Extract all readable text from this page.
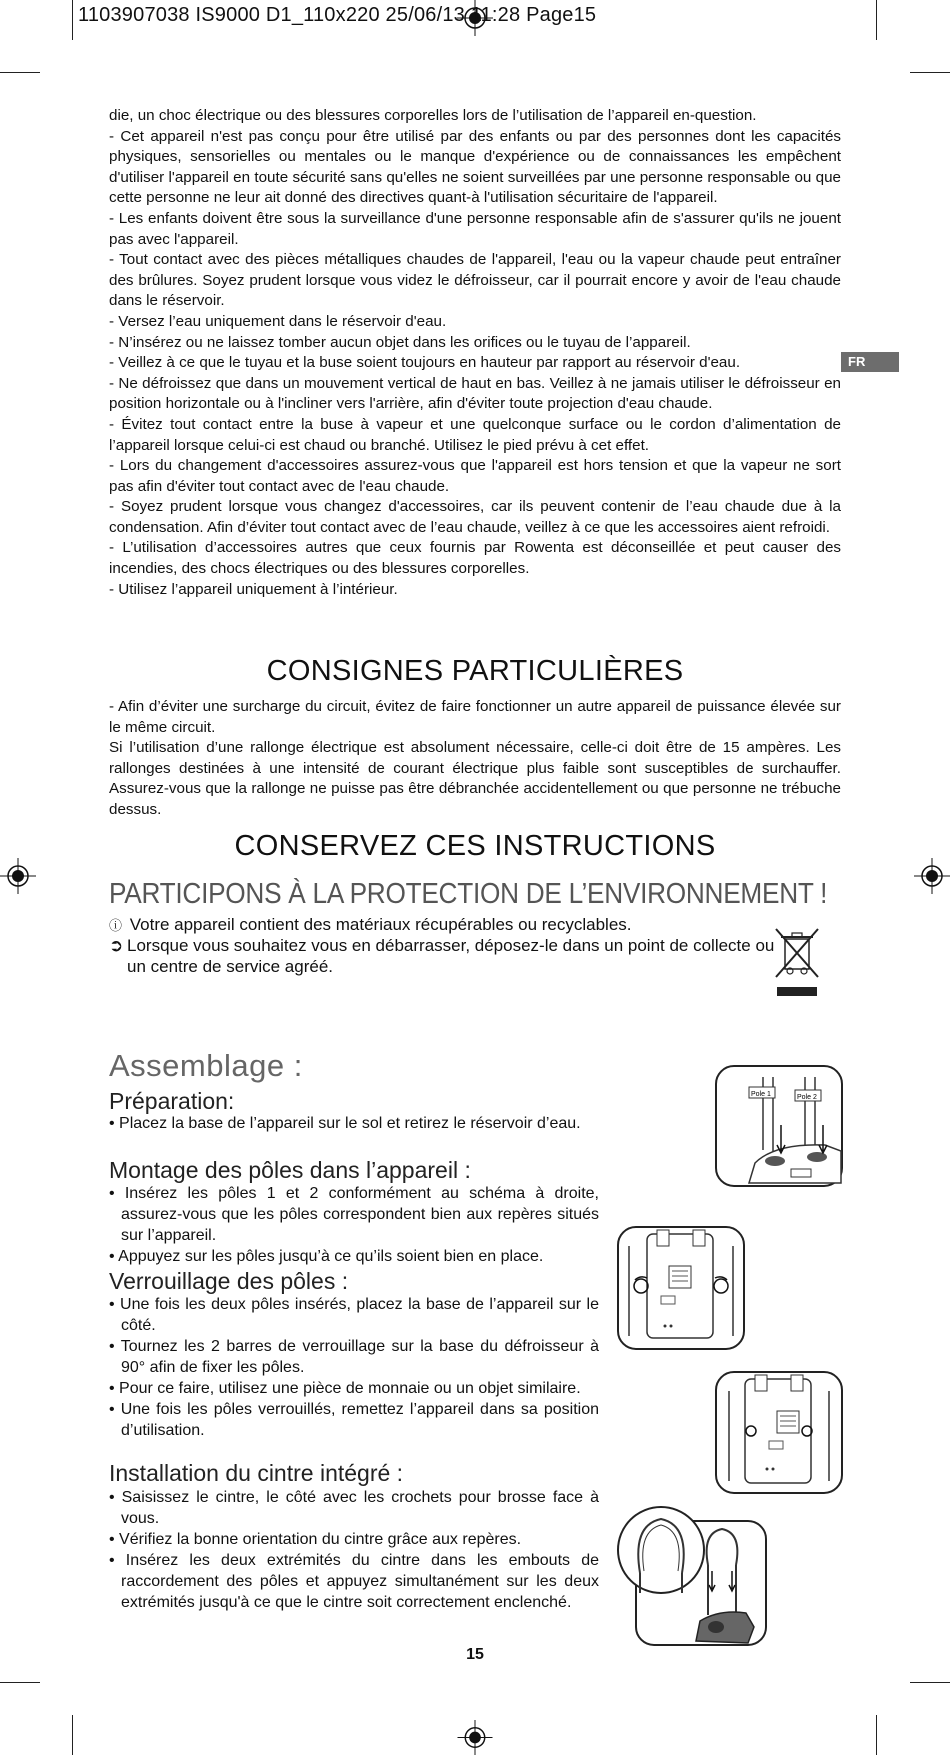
1103907038 IS9000 D1_110x220 25/06/13 11:28 Page15
FR

die, un choc électrique ou des blessures corporelles lors de l’utilisation de l’appareil en-question.

- Cet appareil n'est pas conçu pour être utilisé par des enfants ou par des personnes dont les capacités physiques, sensorielles ou mentales ou le manque d'expérience ou de connaissances les empêchent d'utiliser l'appareil en toute sécurité sans qu'elles ne soient surveillées par une personne responsable ou que cette personne ne leur ait donné des directives quant-à l'utilisation sécuritaire de l'appareil.

- Les enfants doivent être sous la surveillance d'une personne responsable afin de s'assurer qu'ils ne jouent pas avec l'appareil.

- Tout contact avec des pièces métalliques chaudes de l'appareil, l'eau ou la vapeur chaude peut entraîner des brûlures. Soyez prudent lorsque vous videz le défroisseur, car il pourrait encore y avoir de l'eau chaude dans le réservoir.

- Versez l’eau uniquement dans le réservoir d'eau.

- N’insérez ou ne laissez tomber aucun objet dans les orifices ou le tuyau de l’appareil.

- Veillez à ce que le tuyau et la buse soient toujours en hauteur par rapport au réservoir d'eau.

- Ne défroissez que dans un mouvement vertical de haut en bas. Veillez à ne jamais utiliser le défroisseur en position horizontale ou à l'incliner vers l'arrière, afin d'éviter toute projection d'eau chaude.

- Évitez tout contact entre la buse à vapeur et une quelconque surface ou le cordon d’alimentation de l’appareil lorsque celui-ci est chaud ou branché. Utilisez le pied prévu à cet effet.

- Lors du changement d'accessoires assurez-vous que l'appareil est hors tension et que la vapeur ne sort pas afin d'éviter tout contact avec de l'eau chaude.

- Soyez prudent lorsque vous changez d'accessoires, car ils peuvent contenir de l’eau chaude due à la condensation. Afin d’éviter tout contact avec de l’eau chaude, veillez à ce que les accessoires aient refroidi.

- L’utilisation d’accessoires autres que ceux fournis par Rowenta est déconseillée et peut causer des incendies, des chocs électriques ou des blessures corporelles.

- Utilisez l’appareil uniquement à l’intérieur.

CONSIGNES PARTICULIÈRES

- Afin d’éviter une surcharge du circuit, évitez de faire fonctionner un autre appareil de puissance élevée sur le même circuit.

Si l’utilisation d’une rallonge électrique est absolument nécessaire, celle-ci doit être de 15 ampères. Les rallonges destinées à une intensité de courant électrique plus faible sont susceptibles de surchauffer. Assurez-vous que la rallonge ne puisse pas être débranchée accidentellement ou que personne ne trébuche dessus.

CONSERVEZ CES INSTRUCTIONS
PARTICIPONS À LA PROTECTION DE L’ENVIRONNEMENT !
ⓘ Votre appareil contient des matériaux récupérables ou recyclables.
➲ Lorsque vous souhaitez vous en débarrasser, déposez-le dans un point de collecte ou un centre de service agréé.
Assemblage :
Préparation:

• Placez la base de l’appareil sur le sol et retirez le réservoir d’eau.

Montage des pôles dans l’appareil :

• Insérez les pôles 1 et 2 conformément au schéma à droite, assurez-vous que les pôles correspondent bien aux repères situés sur l’appareil.

• Appuyez sur les pôles jusqu’à ce qu’ils soient bien en place.

Verrouillage des pôles :

• Une fois les deux pôles insérés, placez la base de l’appareil sur le côté.

• Tournez les 2 barres de verrouillage sur la base du défroisseur à 90° afin de fixer les pôles.

• Pour ce faire, utilisez une pièce de monnaie ou un objet similaire.

• Une fois les pôles verrouillés, remettez l’appareil dans sa position d’utilisation.

Installation du cintre intégré :

• Saisissez le cintre, le côté avec les crochets pour brosse face à vous.

• Vérifiez la bonne orientation du cintre grâce aux repères.

• Insérez les deux extrémités du cintre dans les embouts de raccordement des pôles et appuyez simultanément sur les deux extrémités jusqu'à ce que le cintre soit correctement enclenché.

Pole 1	Pole 2
15
